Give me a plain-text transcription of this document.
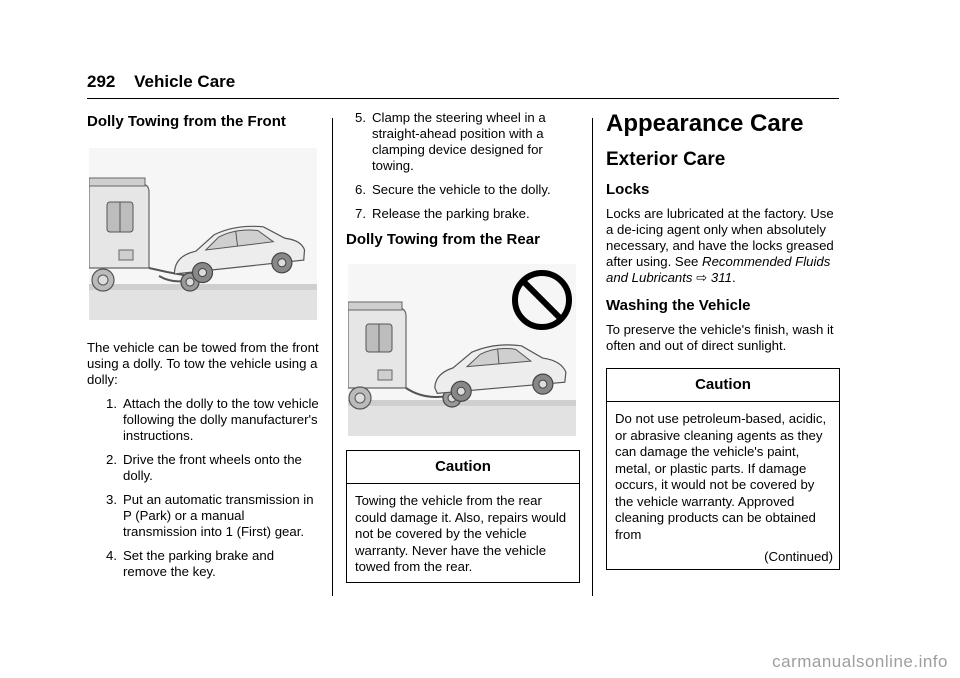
292 Vehicle Care
Dolly Towing from the Front

The vehicle can be towed from the front using a dolly. To tow the vehicle using a dolly:

1. Attach the dolly to the tow vehicle following the dolly manufacturer's instructions.
2. Drive the front wheels onto the dolly.
3. Put an automatic transmission in P (Park) or a manual transmission into 1 (First) gear.
4. Set the parking brake and remove the key.
5. Clamp the steering wheel in a straight-ahead position with a clamping device designed for towing.
6. Secure the vehicle to the dolly.
7. Release the parking brake.
Dolly Towing from the Rear
Caution
Towing the vehicle from the rear could damage it. Also, repairs would not be covered by the vehicle warranty. Never have the vehicle towed from the rear.
Appearance Care
Exterior Care
Locks

Locks are lubricated at the factory. Use a de-icing agent only when absolutely necessary, and have the locks greased after using. See Recommended Fluids and Lubricants ⇨ 311.

Washing the Vehicle

To preserve the vehicle's finish, wash it often and out of direct sunlight.

Caution
Do not use petroleum-based, acidic, or abrasive cleaning agents as they can damage the vehicle's paint, metal, or plastic parts. If damage occurs, it would not be covered by the vehicle warranty. Approved cleaning products can be obtained from
(Continued)
carmanualsonline.info
